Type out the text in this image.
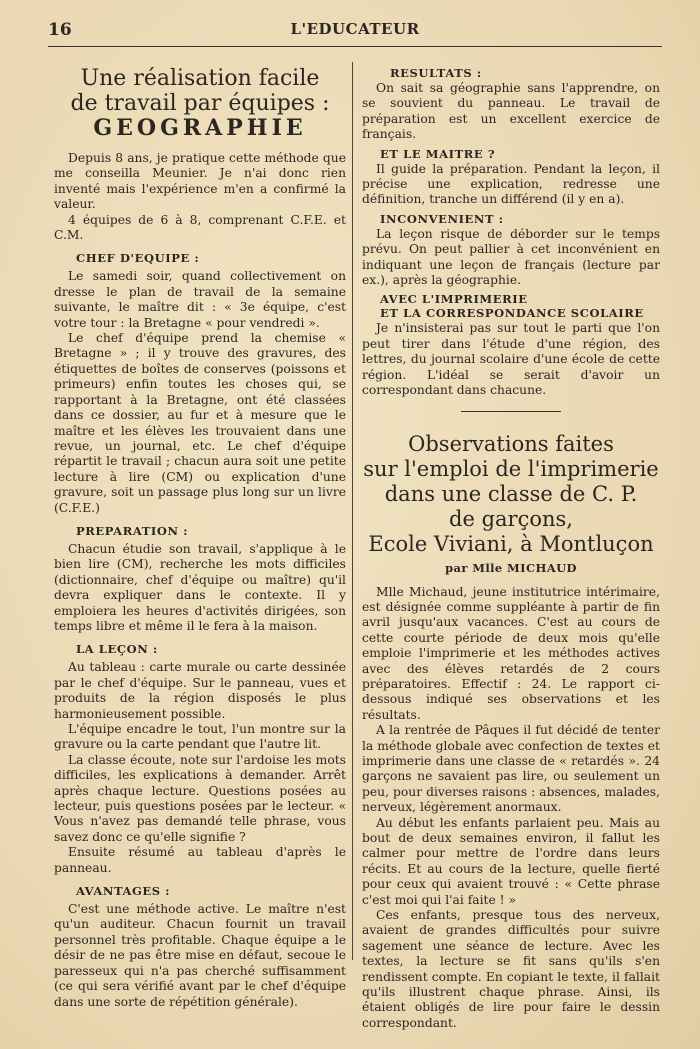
16	L'EDUCATEUR
Une réalisation facile
de travail par équipes :
GEOGRAPHIE

Depuis 8 ans, je pratique cette méthode que me conseilla Meunier. Je n'ai donc rien inventé mais l'expérience m'en a confirmé la valeur.

4 équipes de 6 à 8, comprenant C.F.E. et C.M.

CHEF D'EQUIPE :

Le samedi soir, quand collectivement on dresse le plan de travail de la semaine suivante, le maître dit : « 3e équipe, c'est votre tour : la Bretagne « pour vendredi ».

Le chef d'équipe prend la chemise « Bretagne » ; il y trouve des gravures, des étiquettes de boîtes de conserves (poissons et primeurs) enfin toutes les choses qui, se rapportant à la Bretagne, ont été classées dans ce dossier, au fur et à mesure que le maître et les élèves les trouvaient dans une revue, un journal, etc. Le chef d'équipe répartit le travail ; chacun aura soit une petite lecture à lire (CM) ou explication d'une gravure, soit un passage plus long sur un livre (C.F.E.)

PREPARATION :

Chacun étudie son travail, s'applique à le bien lire (CM), recherche les mots difficiles (dictionnaire, chef d'équipe ou maître) qu'il devra expliquer dans le contexte. Il y emploiera les heures d'activités dirigées, son temps libre et même il le fera à la maison.

LA LEÇON :

Au tableau : carte murale ou carte dessinée par le chef d'équipe. Sur le panneau, vues et produits de la région disposés le plus harmonieusement possible.

L'équipe encadre le tout, l'un montre sur la gravure ou la carte pendant que l'autre lit.

La classe écoute, note sur l'ardoise les mots difficiles, les explications à demander. Arrêt après chaque lecture. Questions posées au lecteur, puis questions posées par le lecteur. « Vous n'avez pas demandé telle phrase, vous savez donc ce qu'elle signifie ?

Ensuite résumé au tableau d'après le panneau.

AVANTAGES :

C'est une méthode active. Le maître n'est qu'un auditeur. Chacun fournit un travail personnel très profitable. Chaque équipe a le désir de ne pas être mise en défaut, secoue le paresseux qui n'a pas cherché suffisamment (ce qui sera vérifié avant par le chef d'équipe dans une sorte de répétition générale).

RESULTATS :

On sait sa géographie sans l'apprendre, on se souvient du panneau. Le travail de préparation est un excellent exercice de français.

ET LE MAITRE ?

Il guide la préparation. Pendant la leçon, il précise une explication, redresse une définition, tranche un différend (il y en a).

INCONVENIENT :

La leçon risque de déborder sur le temps prévu. On peut pallier à cet inconvénient en indiquant une leçon de français (lecture par ex.), après la géographie.

AVEC L'IMPRIMERIE
ET LA CORRESPONDANCE SCOLAIRE

Je n'insisterai pas sur tout le parti que l'on peut tirer dans l'étude d'une région, des lettres, du journal scolaire d'une école de cette région. L'idéal se serait d'avoir un correspondant dans chacune.

Observations faites
sur l'emploi de l'imprimerie
dans une classe de C. P.
de garçons,
Ecole Viviani, à Montluçon
par Mlle MICHAUD

Mlle Michaud, jeune institutrice intérimaire, est désignée comme suppléante à partir de fin avril jusqu'aux vacances. C'est au cours de cette courte période de deux mois qu'elle emploie l'imprimerie et les méthodes actives avec des élèves retardés de 2 cours préparatoires. Effectif : 24. Le rapport ci-dessous indiqué ses observations et les résultats.

A la rentrée de Pâques il fut décidé de tenter la méthode globale avec confection de textes et imprimerie dans une classe de « retardés ». 24 garçons ne savaient pas lire, ou seulement un peu, pour diverses raisons : absences, malades, nerveux, légèrement anormaux.

Au début les enfants parlaient peu. Mais au bout de deux semaines environ, il fallut les calmer pour mettre de l'ordre dans leurs récits. Et au cours de la lecture, quelle fierté pour ceux qui avaient trouvé : « Cette phrase c'est moi qui l'ai faite ! »

Ces enfants, presque tous des nerveux, avaient de grandes difficultés pour suivre sagement une séance de lecture. Avec les textes, la lecture se fit sans qu'ils s'en rendissent compte. En copiant le texte, il fallait qu'ils illustrent chaque phrase. Ainsi, ils étaient obligés de lire pour faire le dessin correspondant.
